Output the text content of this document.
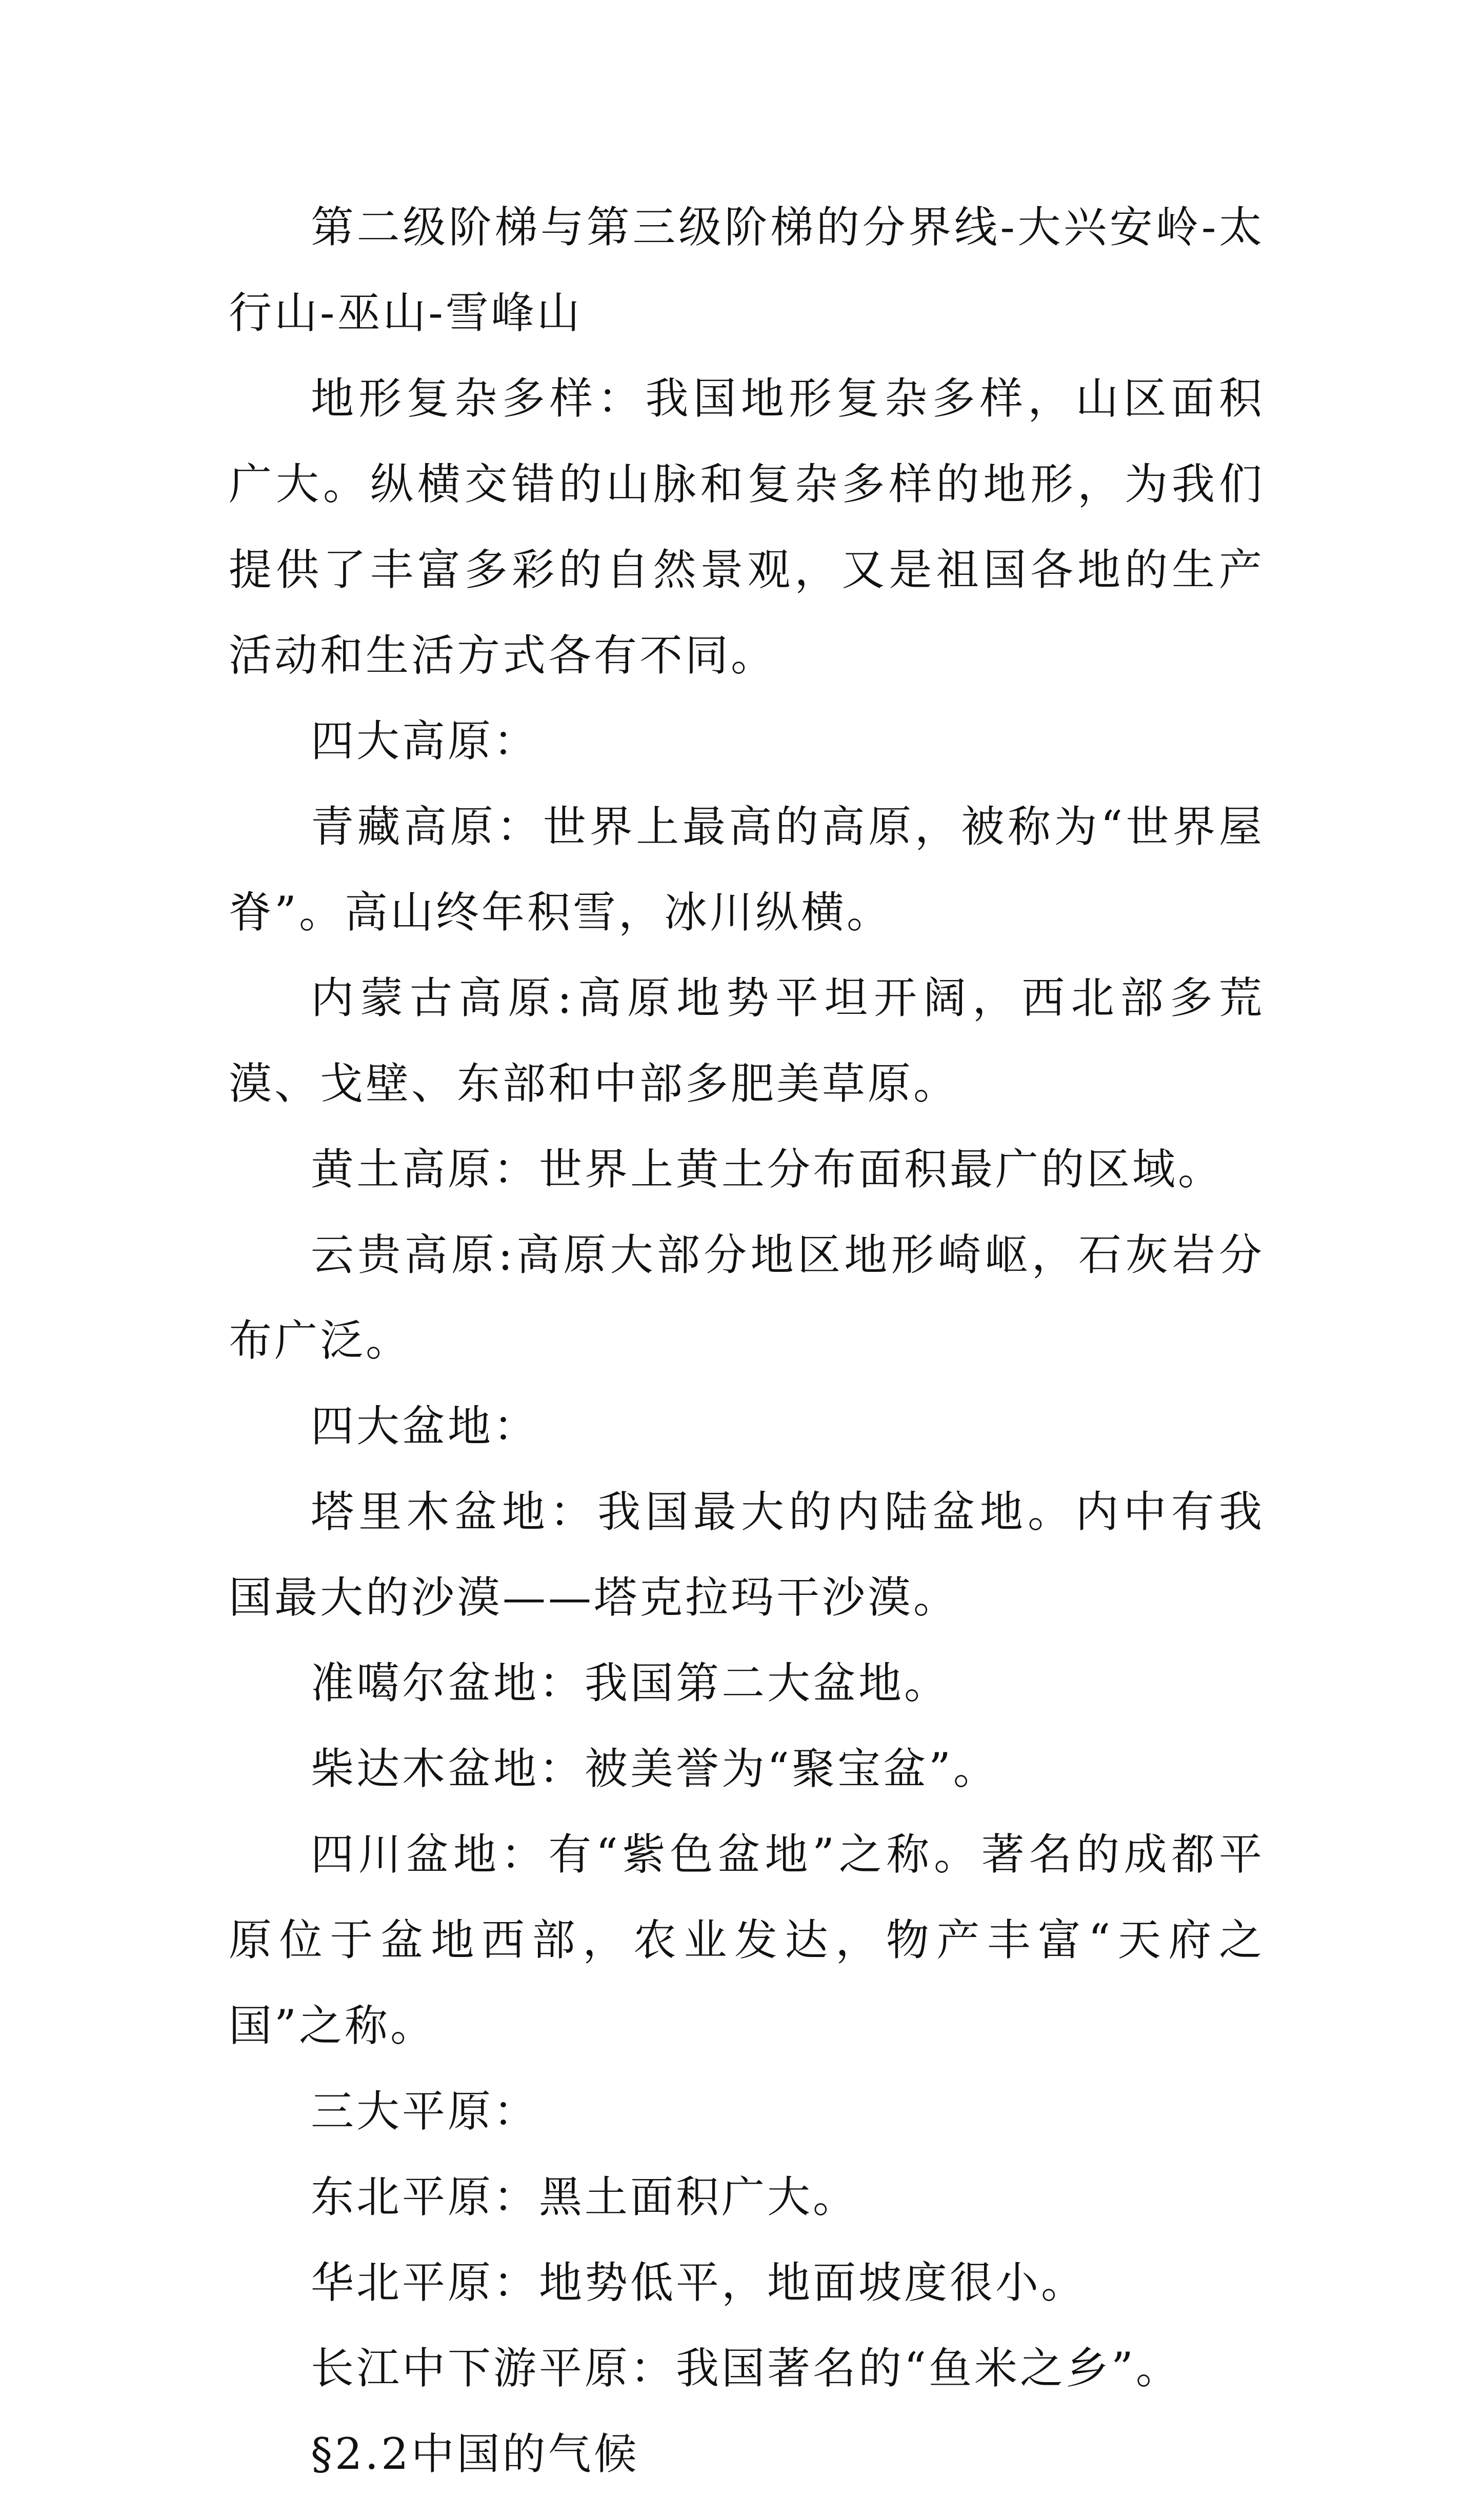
第二级阶梯与第三级阶梯的分界线-大兴安岭-太行山-巫山-雪峰山

地形复杂多样：我国地形复杂多样，山区面积广大。纵横交错的山脉和复杂多样的地形，为我们提供了丰富多彩的自然景观，又是祖国各地的生产活动和生活方式各有不同。

四大高原：

青藏高原：世界上最高的高原，被称为“世界屋脊”。高山终年积雪，冰川纵横。

内蒙古高原:高原地势平坦开阔，西北部多荒漠、戈壁、东部和中部多肥美草原。

黄土高原：世界上黄土分布面积最广的区域。

云贵高原:高原大部分地区地形崎岖，石灰岩分布广泛。

四大盆地：

塔里木盆地：我国最大的内陆盆地。内中有我国最大的沙漠——塔克拉玛干沙漠。

准噶尔盆地：我国第二大盆地。

柴达木盆地：被美誉为“聚宝盆”。

四川盆地：有“紫色盆地”之称。著名的成都平原位于盆地西部，农业发达，物产丰富“天府之国”之称。

三大平原：

东北平原：黑土面积广大。

华北平原：地势低平，地面坡度很小。

长江中下游平原：我国著名的“鱼米之乡”。

§2.2中国的气候
